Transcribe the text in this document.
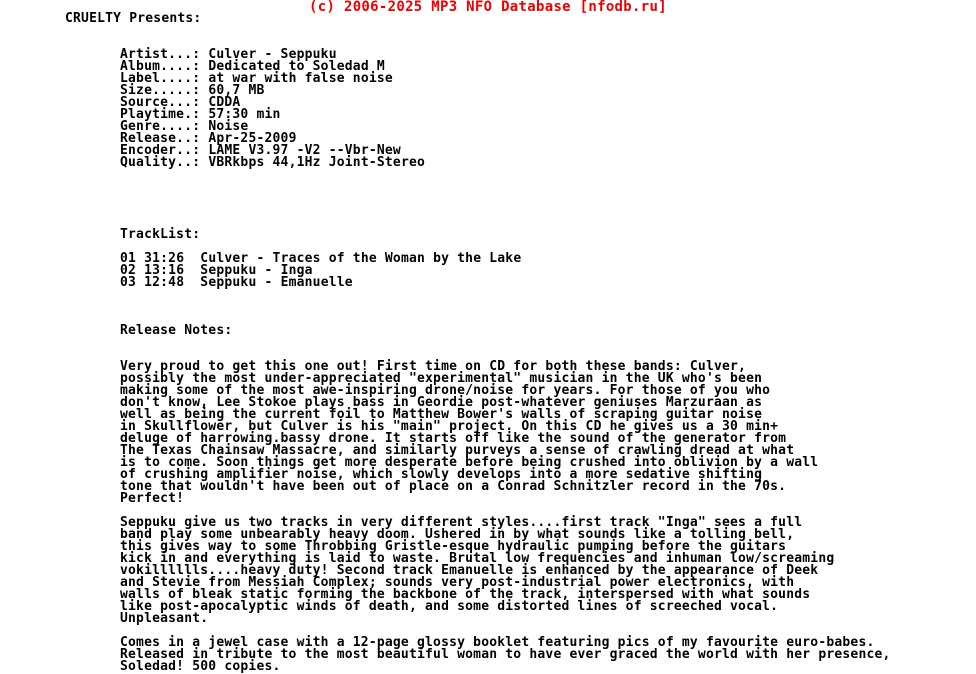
(c) 2006-2025 MP3 NFO Database [nfodb.ru]
CRUELTY Presents:
Artist...: Culver - Seppuku
Album....: Dedicated to Soledad M
Label....: at war with false noise
Size.....: 60,7 MB
Source...: CDDA
Playtime.: 57:30 min
Genre....: Noise
Release..: Apr-25-2009
Encoder..: LAME V3.97 -V2 --Vbr-New
Quality..: VBRkbps 44,1Hz Joint-Stereo
TrackList:
01 31:26 Culver - Traces of the Woman by the Lake
02 13:16 Seppuku - Inga
03 12:48 Seppuku - Emanuelle

Release Notes:

Very proud to get this one out! First time on CD for both these bands: Culver,
possibly the most under-appreciated "experimental" musician in the UK who's been
making some of the most awe-inspiring drone/noise for years. For those of you who
don't know, Lee Stokoe plays bass in Geordie post-whatever geniuses Marzuraan as
well as being the current foil to Matthew Bower's walls of scraping guitar noise
in Skullflower, but Culver is his "main" project. On this CD he gives us a 30 min+
deluge of harrowing.bassy drone. It starts off like the sound of the generator from
The Texas Chainsaw Massacre, and similarly purveys a sense of crawling dread at what
is to come. Soon things get more desperate before being crushed into oblivion by a wall
of crushing amplifier noise, which slowly develops into a more sedative shifting
tone that wouldn't have been out of place on a Conrad Schnitzler record in the 70s.
Perfect!

Seppuku give us two tracks in very different styles....first track "Inga" sees a full
band play some unbearably heavy doom. Ushered in by what sounds like a tolling bell,
this gives way to some Throbbing Gristle-esque hydraulic pumping before the guitars
kick in and everything is laid to waste. Brutal low frequencies and inhuman low/screaming
vokilllllls....heavy duty! Second track Emanuelle is enhanced by the appearance of Deek
and Stevie from Messiah Complex; sounds very post-industrial power electronics, with
walls of bleak static forming the backbone of the track, interspersed with what sounds
like post-apocalyptic winds of death, and some distorted lines of screeched vocal.
Unpleasant.

Comes in a jewel case with a 12-page glossy booklet featuring pics of my favourite euro-babes.
Released in tribute to the most beautiful woman to have ever graced the world with her presence,
Soledad! 500 copies.
